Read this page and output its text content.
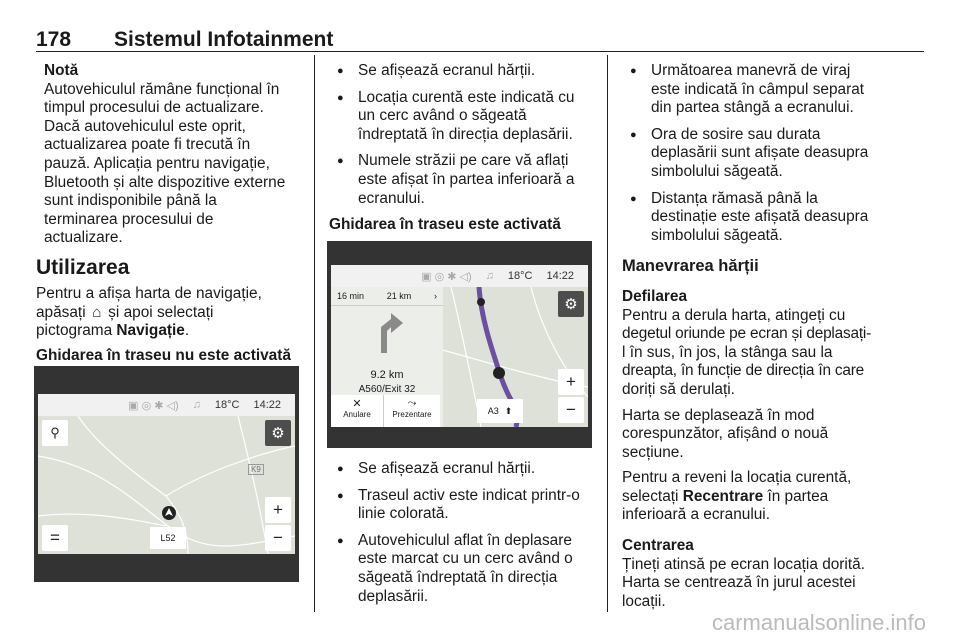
178 Sistemul Infotainment

Notă

Autovehiculul rămâne funcțional în

timpul procesului de actualizare.

Dacă autovehiculul este oprit,

actualizarea poate fi trecută în

pauză. Aplicația pentru navigație,

Bluetooth și alte dispozitive externe

sunt indisponibile până la

terminarea procesului de

actualizare.

Utilizarea

Pentru a afișa harta de navigație,

apăsați ⌂ și apoi selectați

pictograma Navigație.

Ghidarea în traseu nu este activată

▣ ◎ ✱ ◁) ♫ 18°C 14:22
K9
⚲	⚙
+
−
=	L52

● Se afișează ecranul hărții.

● Locația curentă este indicată cu

un cerc având o săgeată

îndreptată în direcția deplasării.

● Numele străzii pe care vă aflați

este afișat în partea inferioară a

ecranului.

Ghidarea în traseu este activată

▣ ◎ ✱ ◁) ♫ 18°C 14:22
16 min	21 km	›
9.2 km
A560/Exit 32
✕
Anulare
⤳
Prezentare
⚙
+
−
A3 ⬆

● Se afișează ecranul hărții.

● Traseul activ este indicat printr-o

linie colorată.

● Autovehiculul aflat în deplasare

este marcat cu un cerc având o

săgeată îndreptată în direcția

deplasării.

● Următoarea manevră de viraj

este indicată în câmpul separat

din partea stângă a ecranului.

● Ora de sosire sau durata

deplasării sunt afișate deasupra

simbolului săgeată.

● Distanța rămasă până la

destinație este afișată deasupra

simbolului săgeată.

Manevrarea hărții

Defilarea

Pentru a derula harta, atingeți cu

degetul oriunde pe ecran și deplasați-

l în sus, în jos, la stânga sau la

dreapta, în funcție de direcția în care

doriți să derulați.

Harta se deplasează în mod

corespunzător, afișând o nouă

secțiune.

Pentru a reveni la locația curentă,

selectați Recentrare în partea

inferioară a ecranului.

Centrarea

Țineți atinsă pe ecran locația dorită.

Harta se centrează în jurul acestei

locații.

carmanualsonline.info
